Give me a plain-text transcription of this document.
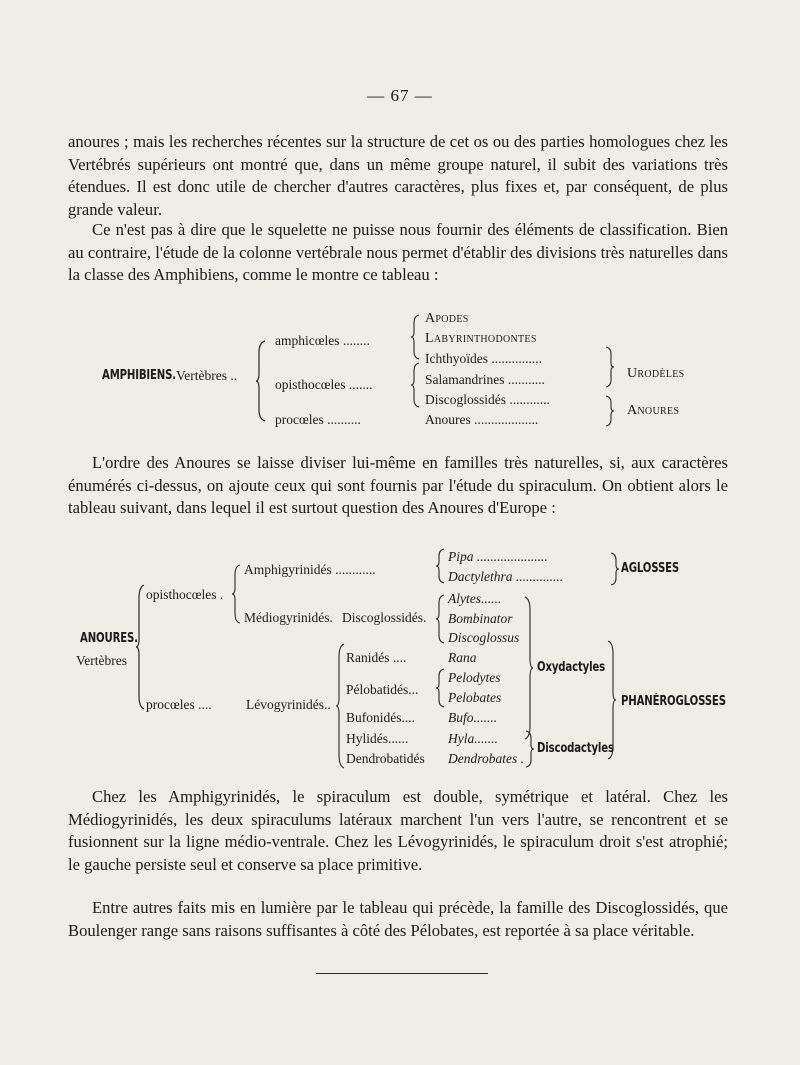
— 67 —
anoures ; mais les recherches récentes sur la structure de cet os ou des parties homologues chez les Vertébrés supérieurs ont montré que, dans un même groupe naturel, il subit des variations très étendues. Il est donc utile de chercher d'autres caractères, plus fixes et, par conséquent, de plus grande valeur.
Ce n'est pas à dire que le squelette ne puisse nous fournir des éléments de classification. Bien au contraire, l'étude de la colonne vertébrale nous permet d'établir des divisions très naturelles dans la classe des Amphibiens, comme le montre ce tableau :
AMPHIBIENS. Vertèbres ..
amphicœles ........
opisthocœles .......
procœles ..........
Apodes
Labyrinthodontes
Ichthyoïdes ...............
Salamandrines ...........
Discoglossidés ............
Anoures ...................
Urodèles
Anoures
L'ordre des Anoures se laisse diviser lui-même en familles très naturelles, si, aux caractères énumérés ci-dessus, on ajoute ceux qui sont fournis par l'étude du spiraculum. On obtient alors le tableau suivant, dans lequel il est surtout question des Anoures d'Europe :
ANOURES.
Vertèbres
opisthocœles .
procœles ....
Amphigyrinidés ............
Médiogyrinidés. Discoglossidés.
Lévogyrinidés..
Ranidés ....
Pélobatidés...
Bufonidés....
Hylidés......
Dendrobatidés
Pipa .....................
Dactylethra ..............
Alytes......
Bombinator
Discoglossus
Rana
Pelodytes
Pelobates
Bufo.......
Hyla.......
Dendrobates .
AGLOSSES
Oxydactyles
Discodactyles
PHANÉROGLOSSES
Chez les Amphigyrinidés, le spiraculum est double, symétrique et latéral. Chez les Médiogyrinidés, les deux spiraculums latéraux marchent l'un vers l'autre, se rencontrent et se fusionnent sur la ligne médio-ventrale. Chez les Lévogyrinidés, le spiraculum droit s'est atrophié; le gauche persiste seul et conserve sa place primitive.
Entre autres faits mis en lumière par le tableau qui précède, la famille des Discoglossidés, que Boulenger range sans raisons suffisantes à côté des Pélobates, est reportée à sa place véritable.
